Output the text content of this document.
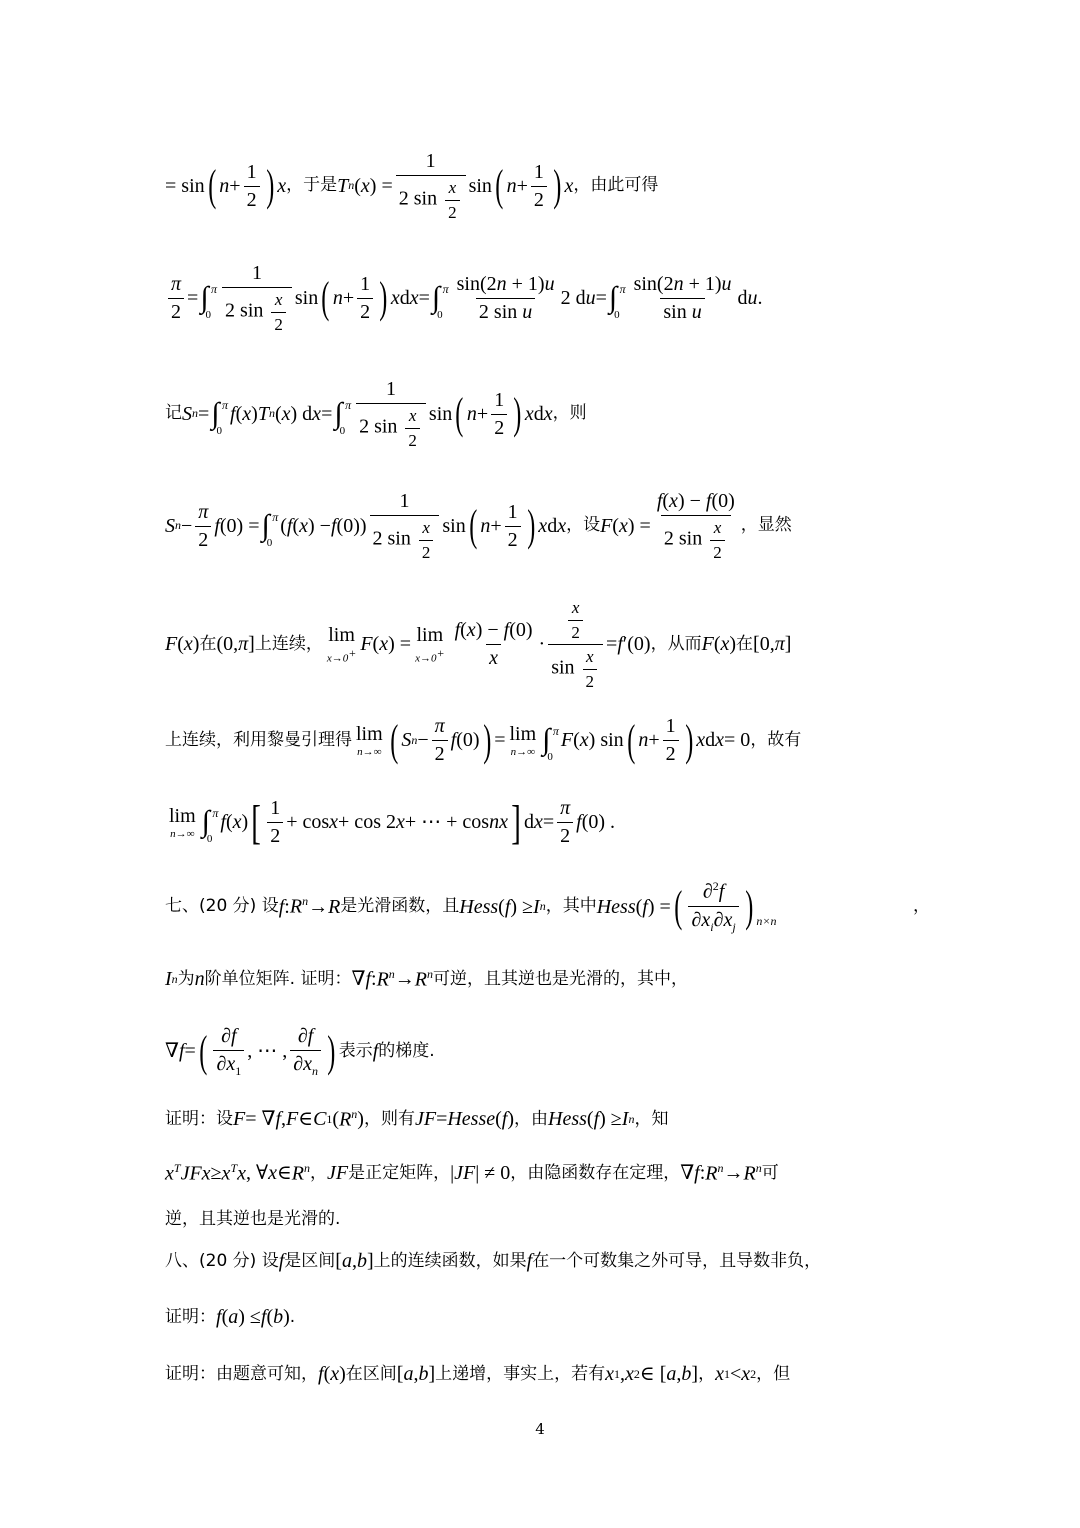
= sin ( $n + \frac{1}{2}$ ) x ，于是 T n ( x ) = $\frac{1}{2 \sin \frac{x}{2}}$ sin ( $n + \frac{1}{2}$ ) x ，由此可得
$\frac{\pi}{2}$ = ∫
0
π $\frac{1}{2 \sin \frac{x}{2}}$ sin ( $n + \frac{1}{2}$ ) x d x = ∫
0
π $\frac{\sin(2n + 1)u}{\text{2 sin u}} 2$ d u = ∫
0
π $\frac{\sin(2n + 1)u}{\text{sin u}}$ d u .
记 S n = ∫
0
π f ( x ) T n ( x ) d x = ∫
0
π $\frac{1}{2 \sin \frac{x}{2}}$ sin ( $n + \frac{1}{2}$ ) x d x ，则
S $n - \frac{\pi}{2}$ f (0) = ∫
0
π ( f ( x ) − f $(0)) \frac{1}{2 \sin \frac{x}{2}}$ sin ( $n + \frac{1}{2}$ ) x d x ，设 F ( x ) = $\frac{f(x) - f(0)}{2 \sin \frac{x}{2}}$ ，显然
F ( x ) 在 (0, π ] 上连续， lim
x→0+ F ( x ) = lim
$x\to 0^+ \frac{f(x) - f(0)}{x} \cdot \frac{\frac{x}{2}}{\sin \frac{x}{2}} = f$ ′(0) ，从而 F ( x ) 在 [0, π ]
上连续，利用黎曼引理得 lim
n→∞ ( S $n - \frac{\pi}{2}$ f (0) ) = lim
n→∞ ∫
0
π F ( x ) sin ( $n + \frac{1}{2}$ ) x d x = 0 ，故有
lim
n→∞ ∫
0
π f ( x ) [ $\frac{1}{2} + \cos x + \cos 2$ x + ⋯ + cos nx ] d $x = \frac{\pi}{2}$ f (0) .
七、(20 分) 设 f : $R^n \to R$ 是光滑函数，且 Hess ( f ) ≥ I n ，其中 Hess ( f ) = ( $\frac{\partial^2f}{\partial x_i\partial x_j}$ ) $_{n\times n}$
，
I n 为 n 阶单位矩阵. 证明： ∇ f : $R^n \to R^n$ 可逆，且其逆也是光滑的，其中，
∇ f = ( $\frac{\partial f}{\partial x_1}$ , ⋯ , $\frac{\partial f}{\partial x_n}$ ) 表示 f 的梯度.
证明：设 F = ∇ f , F ∈ C 1 ( $R^n$ ) ，则有 JF = Hesse ( f ) ，由 Hess ( f ) ≥ I n ，知
$x^TJFx \ge x^Tx$ , ∀ x ∈ $R^n$ ， JF 是正定矩阵， | JF | ≠ 0 ，由隐函数存在定理， ∇ f : $R^n \to R^n$ 可
逆，且其逆也是光滑的.
八、(20 分) 设 f 是区间 [ a , b ] 上的连续函数，如果 f 在一个可数集之外可导，且导数非负，
证明： f ( a ) ≤ f ( b ) .
证明：由题意可知， f ( x ) 在区间 [ a , b ] 上递增，事实上，若有 x 1 , x 2 ∈ [ a , b ] ， x 1 < x 2 ，但
4
